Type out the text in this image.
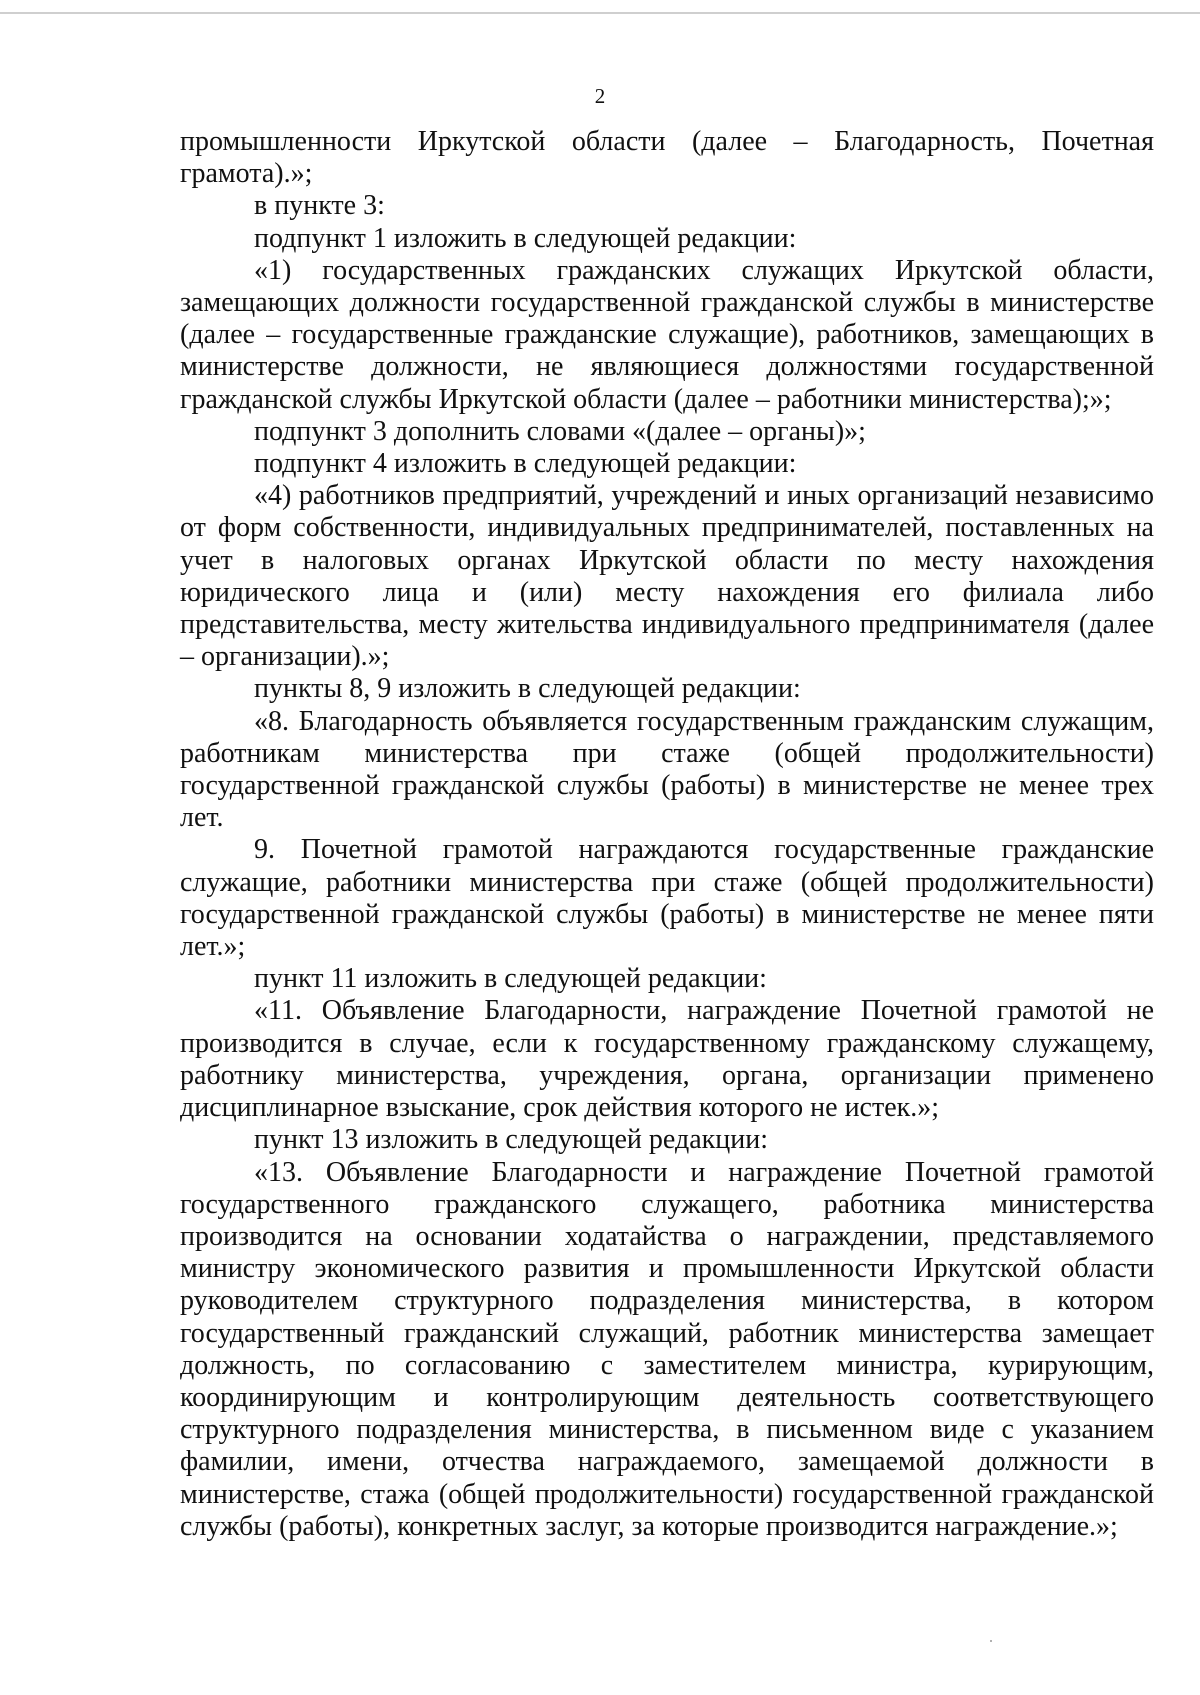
2

промышленности Иркутской области (далее – Благодарность, Почетная грамота).»;

в пункте 3:

подпункт 1 изложить в следующей редакции:

«1) государственных гражданских служащих Иркутской области, замещающих должности государственной гражданской службы в министерстве (далее – государственные гражданские служащие), работников, замещающих в министерстве должности, не являющиеся должностями государственной гражданской службы Иркутской области (далее – работники министерства);»;

подпункт 3 дополнить словами «(далее – органы)»;

подпункт 4 изложить в следующей редакции:

«4) работников предприятий, учреждений и иных организаций независимо от форм собственности, индивидуальных предпринимателей, поставленных на учет в налоговых органах Иркутской области по месту нахождения юридического лица и (или) месту нахождения его филиала либо представительства, месту жительства индивидуального предпринимателя (далее – организации).»;

пункты 8, 9 изложить в следующей редакции:

«8. Благодарность объявляется государственным гражданским служащим, работникам министерства при стаже (общей продолжительности) государственной гражданской службы (работы) в министерстве не менее трех лет.

9. Почетной грамотой награждаются государственные гражданские служащие, работники министерства при стаже (общей продолжительности) государственной гражданской службы (работы) в министерстве не менее пяти лет.»;

пункт 11 изложить в следующей редакции:

«11. Объявление Благодарности, награждение Почетной грамотой не производится в случае, если к государственному гражданскому служащему, работнику министерства, учреждения, органа, организации применено дисциплинарное взыскание, срок действия которого не истек.»;

пункт 13 изложить в следующей редакции:

«13. Объявление Благодарности и награждение Почетной грамотой государственного гражданского служащего, работника министерства производится на основании ходатайства о награждении, представляемого министру экономического развития и промышленности Иркутской области руководителем структурного подразделения министерства, в котором государственный гражданский служащий, работник министерства замещает должность, по согласованию с заместителем министра, курирующим, координирующим и контролирующим деятельность соответствующего структурного подразделения министерства, в письменном виде с указанием фамилии, имени, отчества награждаемого, замещаемой должности в министерстве, стажа (общей продолжительности) государственной гражданской службы (работы), конкретных заслуг, за которые производится награждение.»;
